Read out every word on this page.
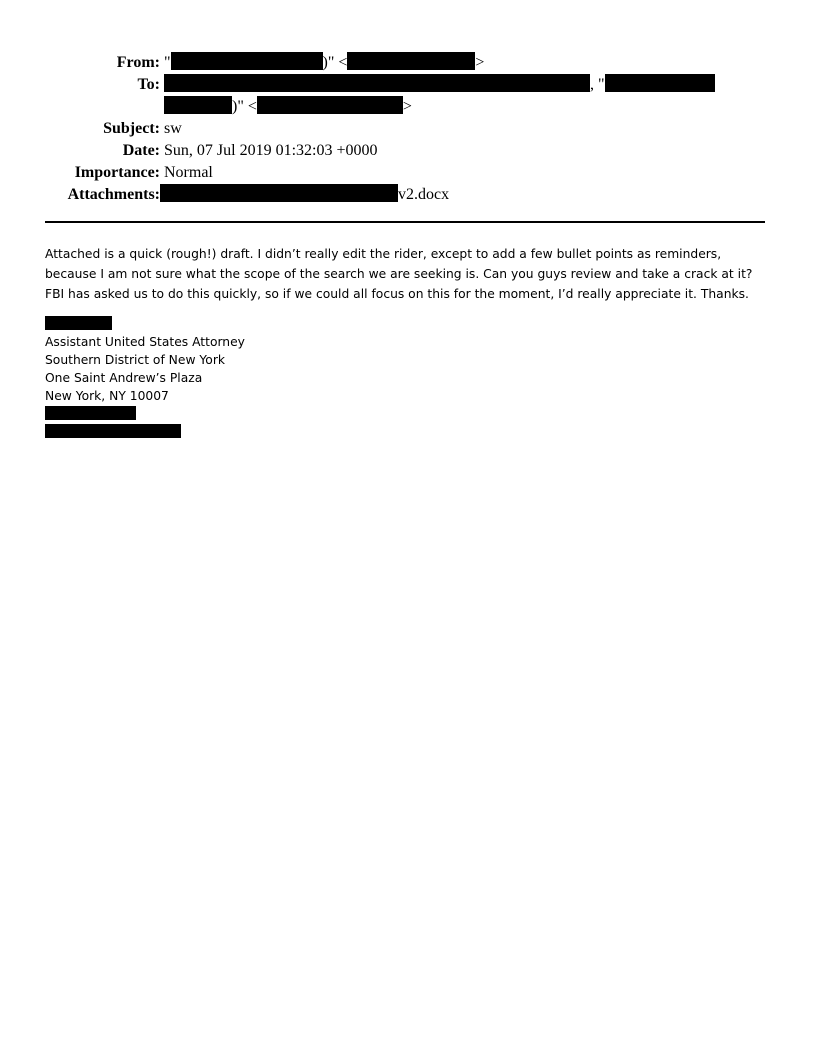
From: "	)" <	>
To:	, "
)" <	>
Subject: sw
Date: Sun, 07 Jul 2019 01:32:03 +0000
Importance: Normal
Attachments:	v2.docx
Attached is a quick (rough!) draft. I didn’t really edit the rider, except to add a few bullet points as reminders, because I am not sure what the scope of the search we are seeking is. Can you guys review and take a crack at it? FBI has asked us to do this quickly, so if we could all focus on this for the moment, I’d really appreciate it. Thanks.
Assistant United States Attorney
Southern District of New York
One Saint Andrew’s Plaza
New York, NY 10007
